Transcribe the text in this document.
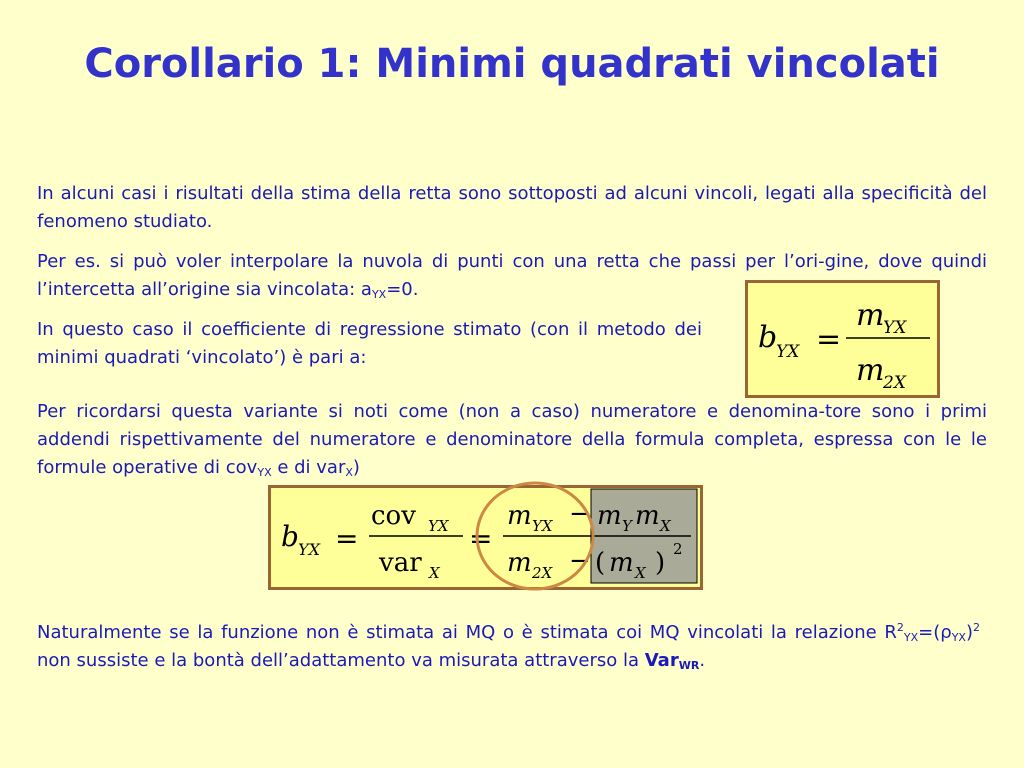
Corollario 1: Minimi quadrati vincolati
In alcuni casi i risultati della stima della retta sono sottoposti ad alcuni vincoli, legati alla specificità del fenomeno studiato.
Per es. si può voler interpolare la nuvola di punti con una retta che passi per l’ori-gine, dove quindi l’intercetta all’origine sia vincolata: $a_{YX}=0$.
In questo caso il coefficiente di regressione stimato (con il metodo dei minimi quadrati ‘vincolato’) è pari a:
b
YX =
m
YX
m
2X
Per ricordarsi questa variante si noti come (non a caso) numeratore e denomina-tore sono i primi addendi rispettivamente del numeratore e denominatore della formula completa, espressa con le le formule operative di cov$_{YX}$ e di var$_X$)
b YX =
cov YX
var X
=
m YX − m Y m X
m 2X − ( m X ) 2
Naturalmente se la funzione non è stimata ai MQ o è stimata coi MQ vincolati la relazione $R^2_{YX}=(\rho_{YX})^2$ non sussiste e la bontà dell’adattamento va misurata attraverso la Var$_{WR}$.
